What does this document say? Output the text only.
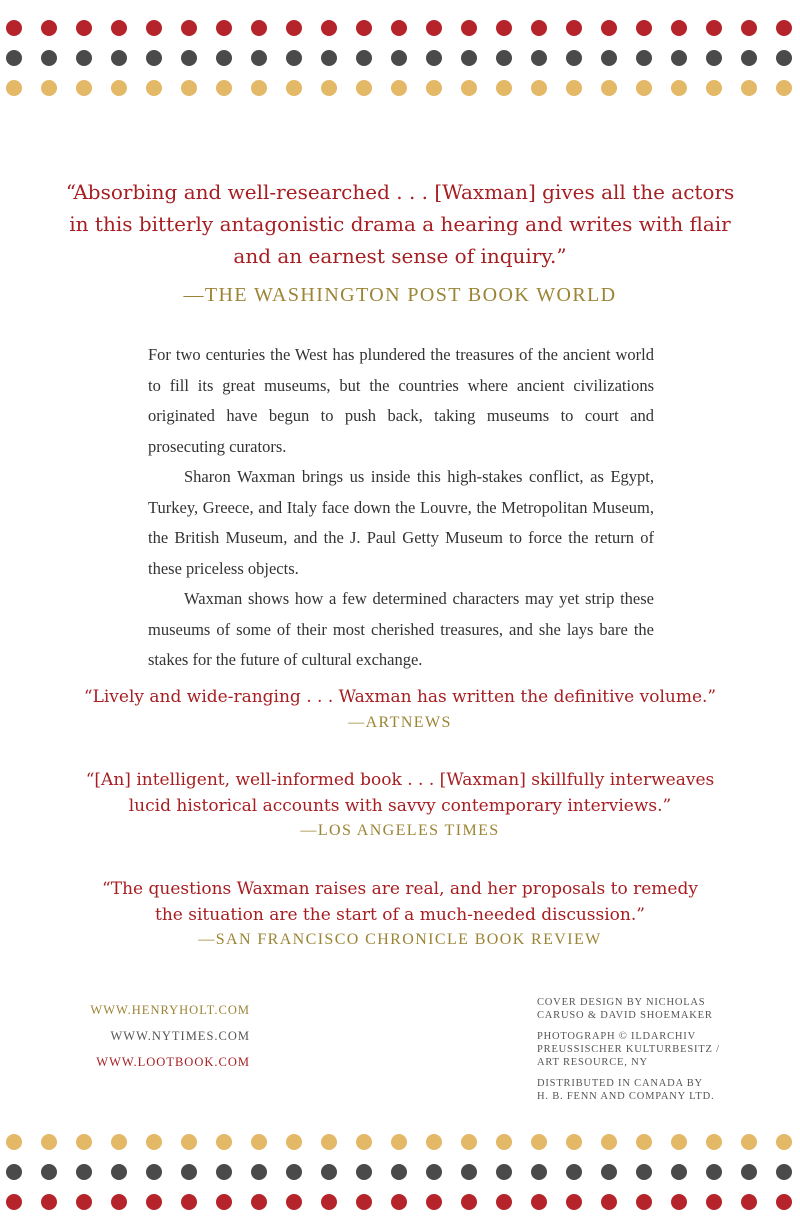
“Absorbing and well-researched . . . [Waxman] gives all the actors
in this bitterly antagonistic drama a hearing and writes with flair
and an earnest sense of inquiry.”
—THE WASHINGTON POST BOOK WORLD

For two centuries the West has plundered the treasures of the ancient world to fill its great museums, but the countries where ancient civilizations originated have begun to push back, taking museums to court and prosecuting curators.

Sharon Waxman brings us inside this high-stakes conflict, as Egypt, Turkey, Greece, and Italy face down the Louvre, the Metropolitan Museum, the British Museum, and the J. Paul Getty Museum to force the return of these priceless objects.

Waxman shows how a few determined characters may yet strip these museums of some of their most cherished treasures, and she lays bare the stakes for the future of cultural exchange.

“Lively and wide-ranging . . . Waxman has written the definitive volume.”
—ARTNEWS
“[An] intelligent, well-informed book . . . [Waxman] skillfully interweaves
lucid historical accounts with savvy contemporary interviews.”
—LOS ANGELES TIMES
“The questions Waxman raises are real, and her proposals to remedy
the situation are the start of a much-needed discussion.”
—SAN FRANCISCO CHRONICLE BOOK REVIEW
WWW.HENRYHOLT.COM
WWW.NYTIMES.COM
WWW.LOOTBOOK.COM

COVER DESIGN BY NICHOLAS
CARUSO & DAVID SHOEMAKER

PHOTOGRAPH © ILDARCHIV
PREUSSISCHER KULTURBESITZ /
ART RESOURCE, NY

DISTRIBUTED IN CANADA BY
H. B. FENN AND COMPANY LTD.
